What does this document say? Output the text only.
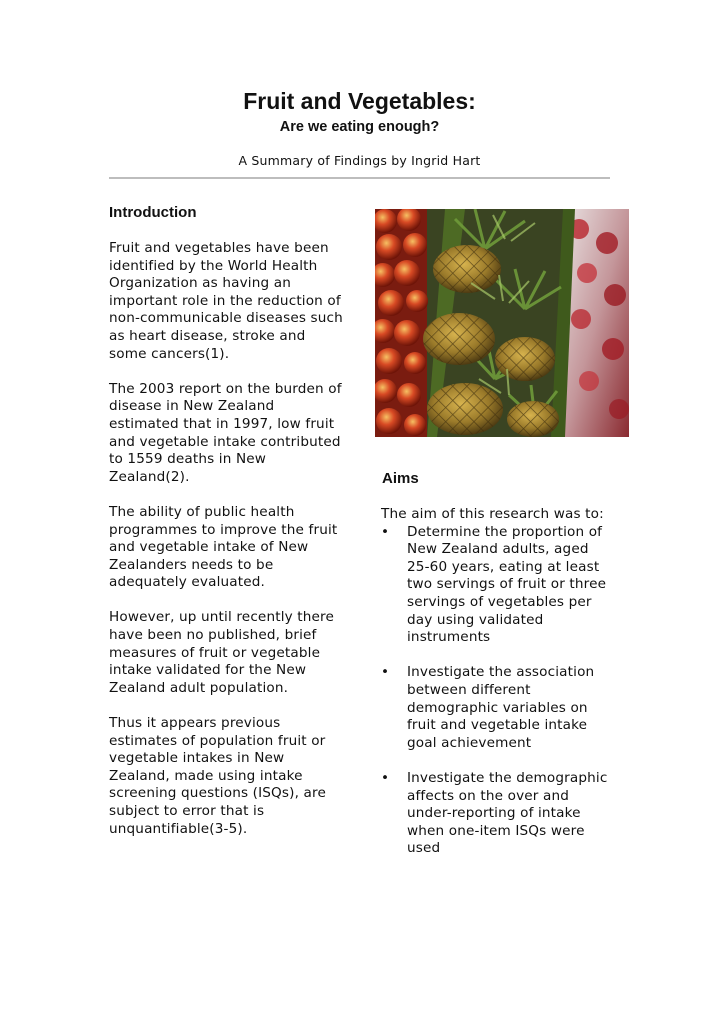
Fruit and Vegetables:
Are we eating enough?
A Summary of Findings by Ingrid Hart
Introduction

Fruit and vegetables have been identified by the World Health Organization as having an important role in the reduction of non-communicable diseases such as heart disease, stroke and some cancers(1).

The 2003 report on the burden of disease in New Zealand estimated that in 1997, low fruit and vegetable intake contributed to 1559 deaths in New Zealand(2).

The ability of public health programmes to improve the fruit and vegetable intake of New Zealanders needs to be adequately evaluated.

However, up until recently there have been no published, brief measures of fruit or vegetable intake validated for the New Zealand adult population.

Thus it appears previous estimates of population fruit or vegetable intakes in New Zealand, made using intake screening questions (ISQs), are subject to error that is unquantifiable(3-5).

Aims
The aim of this research was to:
• Determine the proportion of New Zealand adults, aged 25-60 years, eating at least two servings of fruit or three servings of vegetables per day using validated instruments
• Investigate the association between different demographic variables on fruit and vegetable intake goal achievement
• Investigate the demographic affects on the over and under-reporting of intake when one-item ISQs were used
